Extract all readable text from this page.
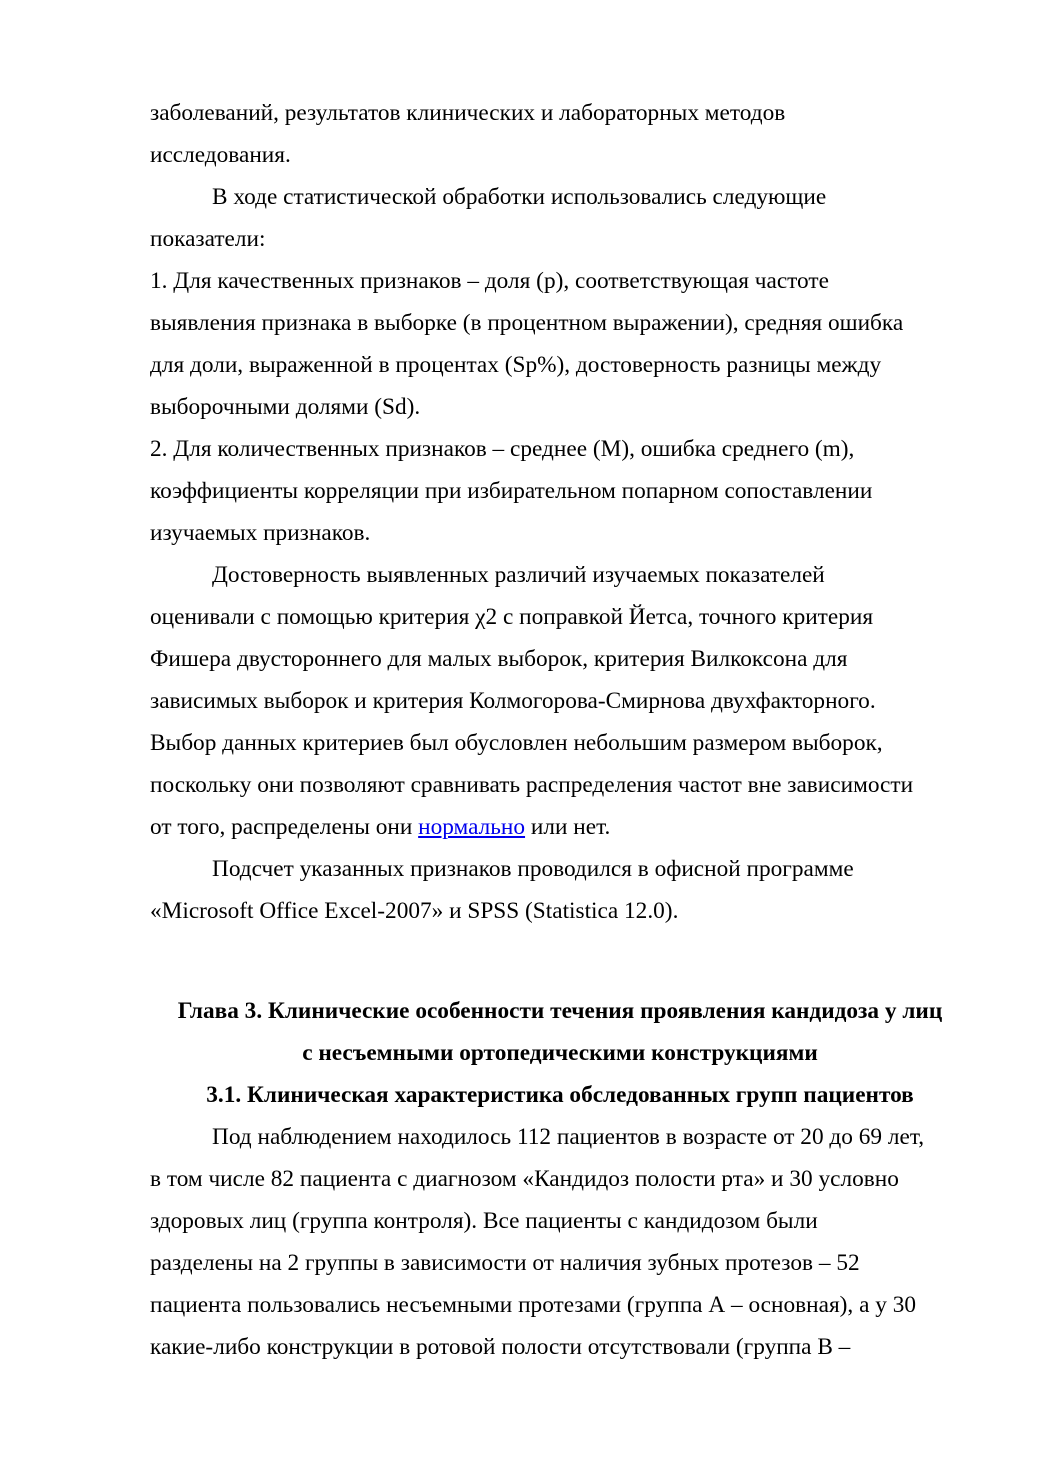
заболеваний, результатов клинических и лабораторных методов
исследования.
В ходе статистической обработки использовались следующие
показатели:
1. Для качественных признаков – доля (р), соответствующая частоте
выявления признака в выборке (в процентном выражении), средняя ошибка
для доли, выраженной в процентах (Sp%), достоверность разницы между
выборочными долями (Sd).
2. Для количественных признаков – среднее (М), ошибка среднего (m),
коэффициенты корреляции при избирательном попарном сопоставлении
изучаемых признаков.
Достоверность выявленных различий изучаемых показателей
оценивали с помощью критерия χ2 с поправкой Йетса, точного критерия
Фишера двустороннего для малых выборок, критерия Вилкоксона для
зависимых выборок и критерия Колмогорова-Смирнова двухфакторного.
Выбор данных критериев был обусловлен небольшим размером выборок,
поскольку они позволяют сравнивать распределения частот вне зависимости
от того, распределены они нормально или нет.
Подсчет указанных признаков проводился в офисной программе
«Microsoft Office Excel-2007» и SPSS (Statistica 12.0).
Глава 3. Клинические особенности течения проявления кандидоза у лиц
с несъемными ортопедическими конструкциями
3.1. Клиническая характеристика обследованных групп пациентов
Под наблюдением находилось 112 пациентов в возрасте от 20 до 69 лет,
в том числе 82 пациента с диагнозом «Кандидоз полости рта» и 30 условно
здоровых лиц (группа контроля). Все пациенты с кандидозом были
разделены на 2 группы в зависимости от наличия зубных протезов – 52
пациента пользовались несъемными протезами (группа А – основная), а у 30
какие-либо конструкции в ротовой полости отсутствовали (группа В –
